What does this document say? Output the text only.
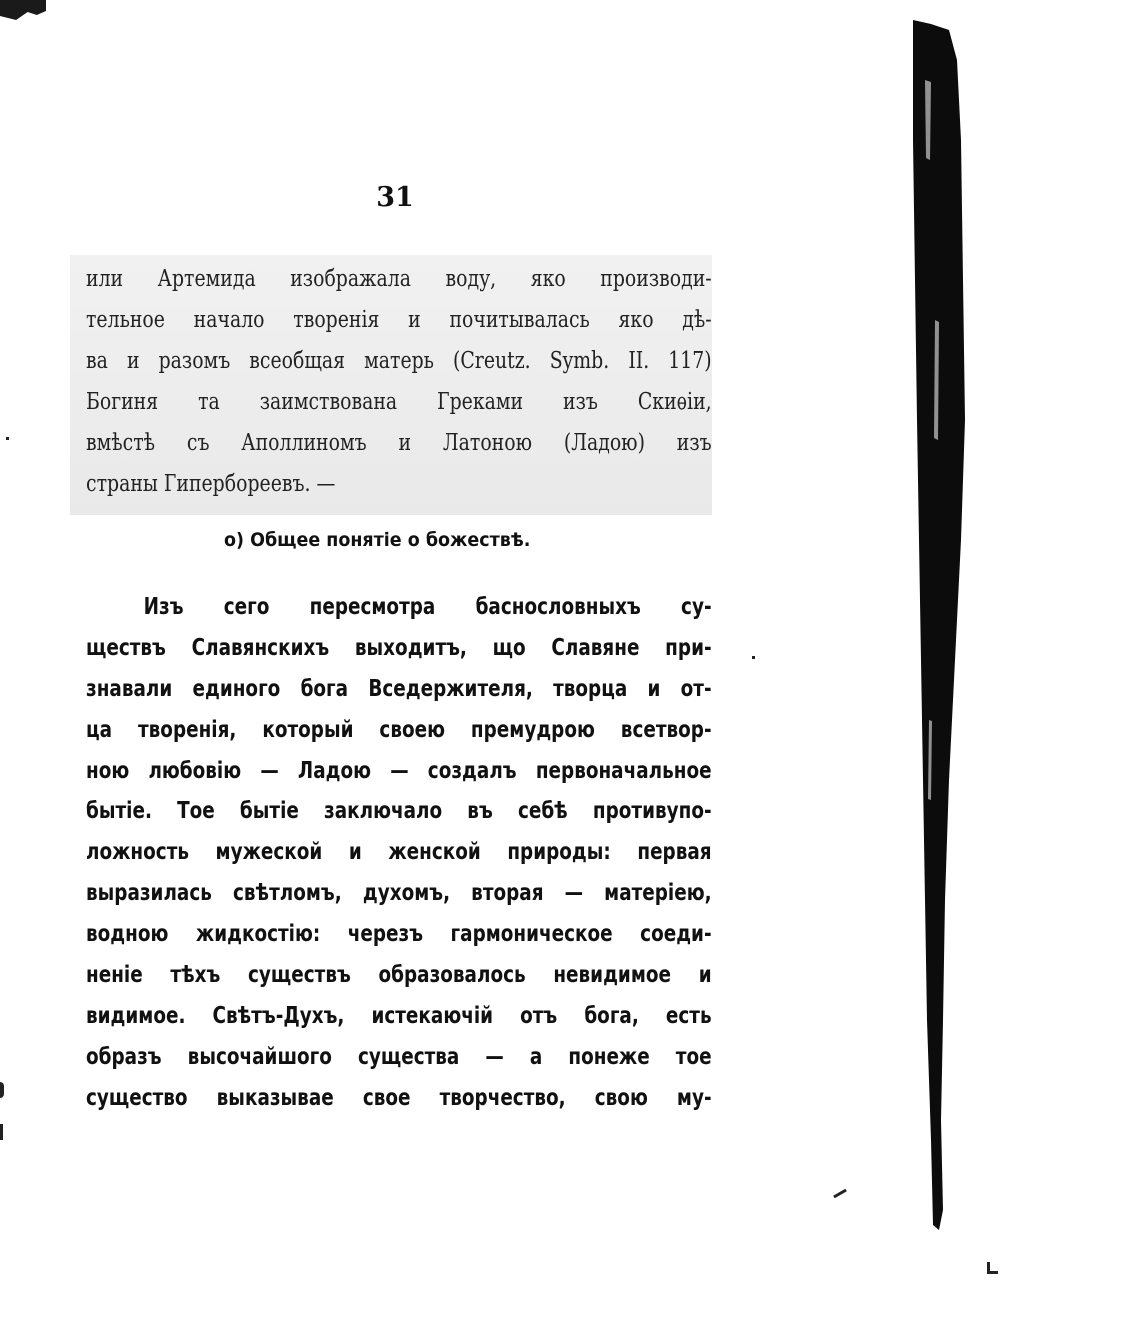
31
или Артемида изображала воду, яко производи-
тельное начало творенія и почитывалась яко дѣ-
ва и разомъ всеобщая матерь (Creutz. Symb. II. 117)
Богиня та заимствована Греками изъ Скиѳіи,
вмѣстѣ съ Аполлиномъ и Латоною (Ладою) изъ
страны Гипербореевъ. —
о) Общее понятіе о божествѣ.
Изъ сего пересмотра баснословныхъ су-
ществъ Славянскихъ выходитъ, що Славяне при-
знавали единого бога Вседержителя, творца и от-
ца творенія, который своею премудрою всетвор-
ною любовію — Ладою — создалъ первоначальное
бытіе. Тое бытіе заключало въ себѣ противупо-
ложность мужеской и женской природы: первая
выразилась свѣтломъ, духомъ, вторая — матеріею,
водною жидкостію: черезъ гармоническое соеди-
неніе тѣхъ существъ образовалось невидимое и
видимое. Свѣтъ-Духъ, истекаючій отъ бога, есть
образъ высочайшого существа — а понеже тое
существо выказывае свое творчество, свою му-
